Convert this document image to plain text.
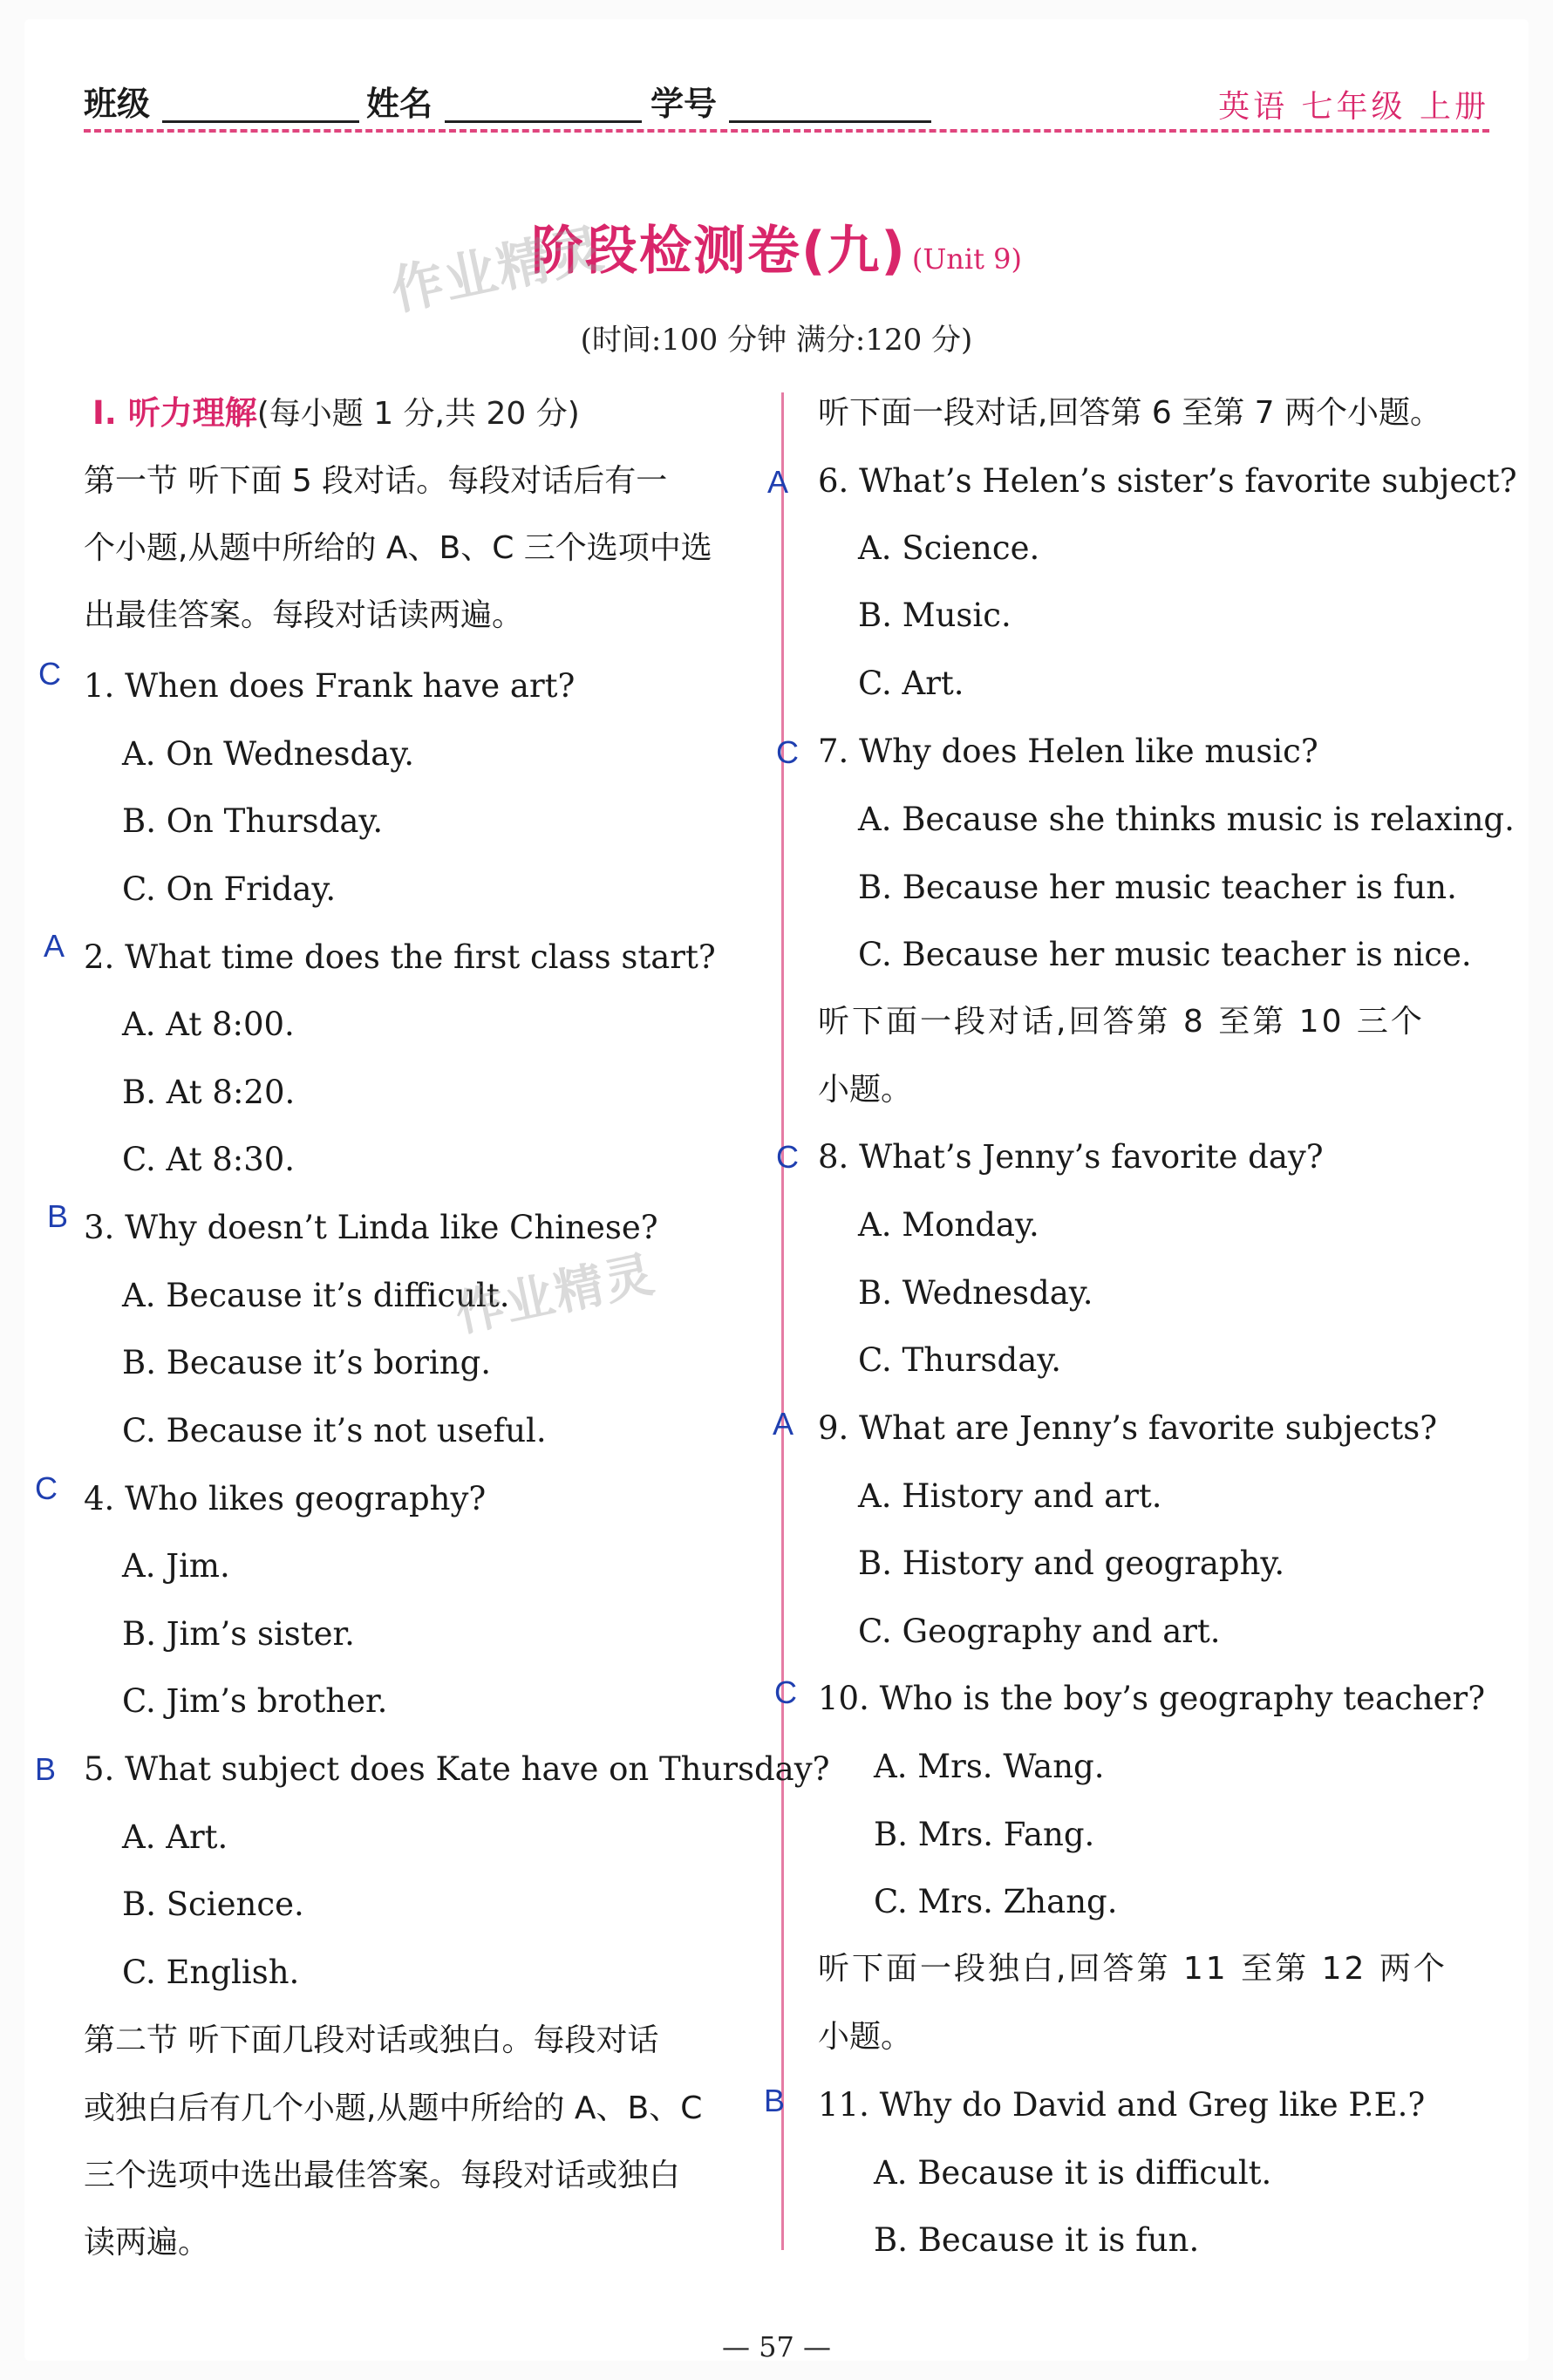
班级	姓名	学号	英语 七年级 上册
阶段检测卷(九) (Unit 9)
作业精灵
(时间:100 分钟 满分:120 分)
Ⅰ. 听力理解(每小题 1 分,共 20 分)
第一节 听下面 5 段对话。每段对话后有一
个小题,从题中所给的 A、B、C 三个选项中选
出最佳答案。每段对话读两遍。
C 1. When does Frank have art?
A. On Wednesday.
B. On Thursday.
C. On Friday.
A 2. What time does the first class start?
A. At 8:00.
B. At 8:20.
C. At 8:30.
B 3. Why doesn’t Linda like Chinese?
A. Because it’s difficult.
B. Because it’s boring.
C. Because it’s not useful.
作业精灵
C 4. Who likes geography?
A. Jim.
B. Jim’s sister.
C. Jim’s brother.
B 5. What subject does Kate have on Thursday?
A. Art.
B. Science.
C. English.
第二节 听下面几段对话或独白。每段对话
或独白后有几个小题,从题中所给的 A、B、C
三个选项中选出最佳答案。每段对话或独白
读两遍。
听下面一段对话,回答第 6 至第 7 两个小题。
A 6. What’s Helen’s sister’s favorite subject?
A. Science.
B. Music.
C. Art.
C 7. Why does Helen like music?
A. Because she thinks music is relaxing.
B. Because her music teacher is fun.
C. Because her music teacher is nice.
听下面一段对话,回答第 8 至第 10 三个
小题。
C 8. What’s Jenny’s favorite day?
A. Monday.
B. Wednesday.
C. Thursday.
A 9. What are Jenny’s favorite subjects?
A. History and art.
B. History and geography.
C. Geography and art.
C 10. Who is the boy’s geography teacher?
A. Mrs. Wang.
B. Mrs. Fang.
C. Mrs. Zhang.
听下面一段独白,回答第 11 至第 12 两个
小题。
B 11. Why do David and Greg like P.E.?
A. Because it is difficult.
B. Because it is fun.
— 57 —
